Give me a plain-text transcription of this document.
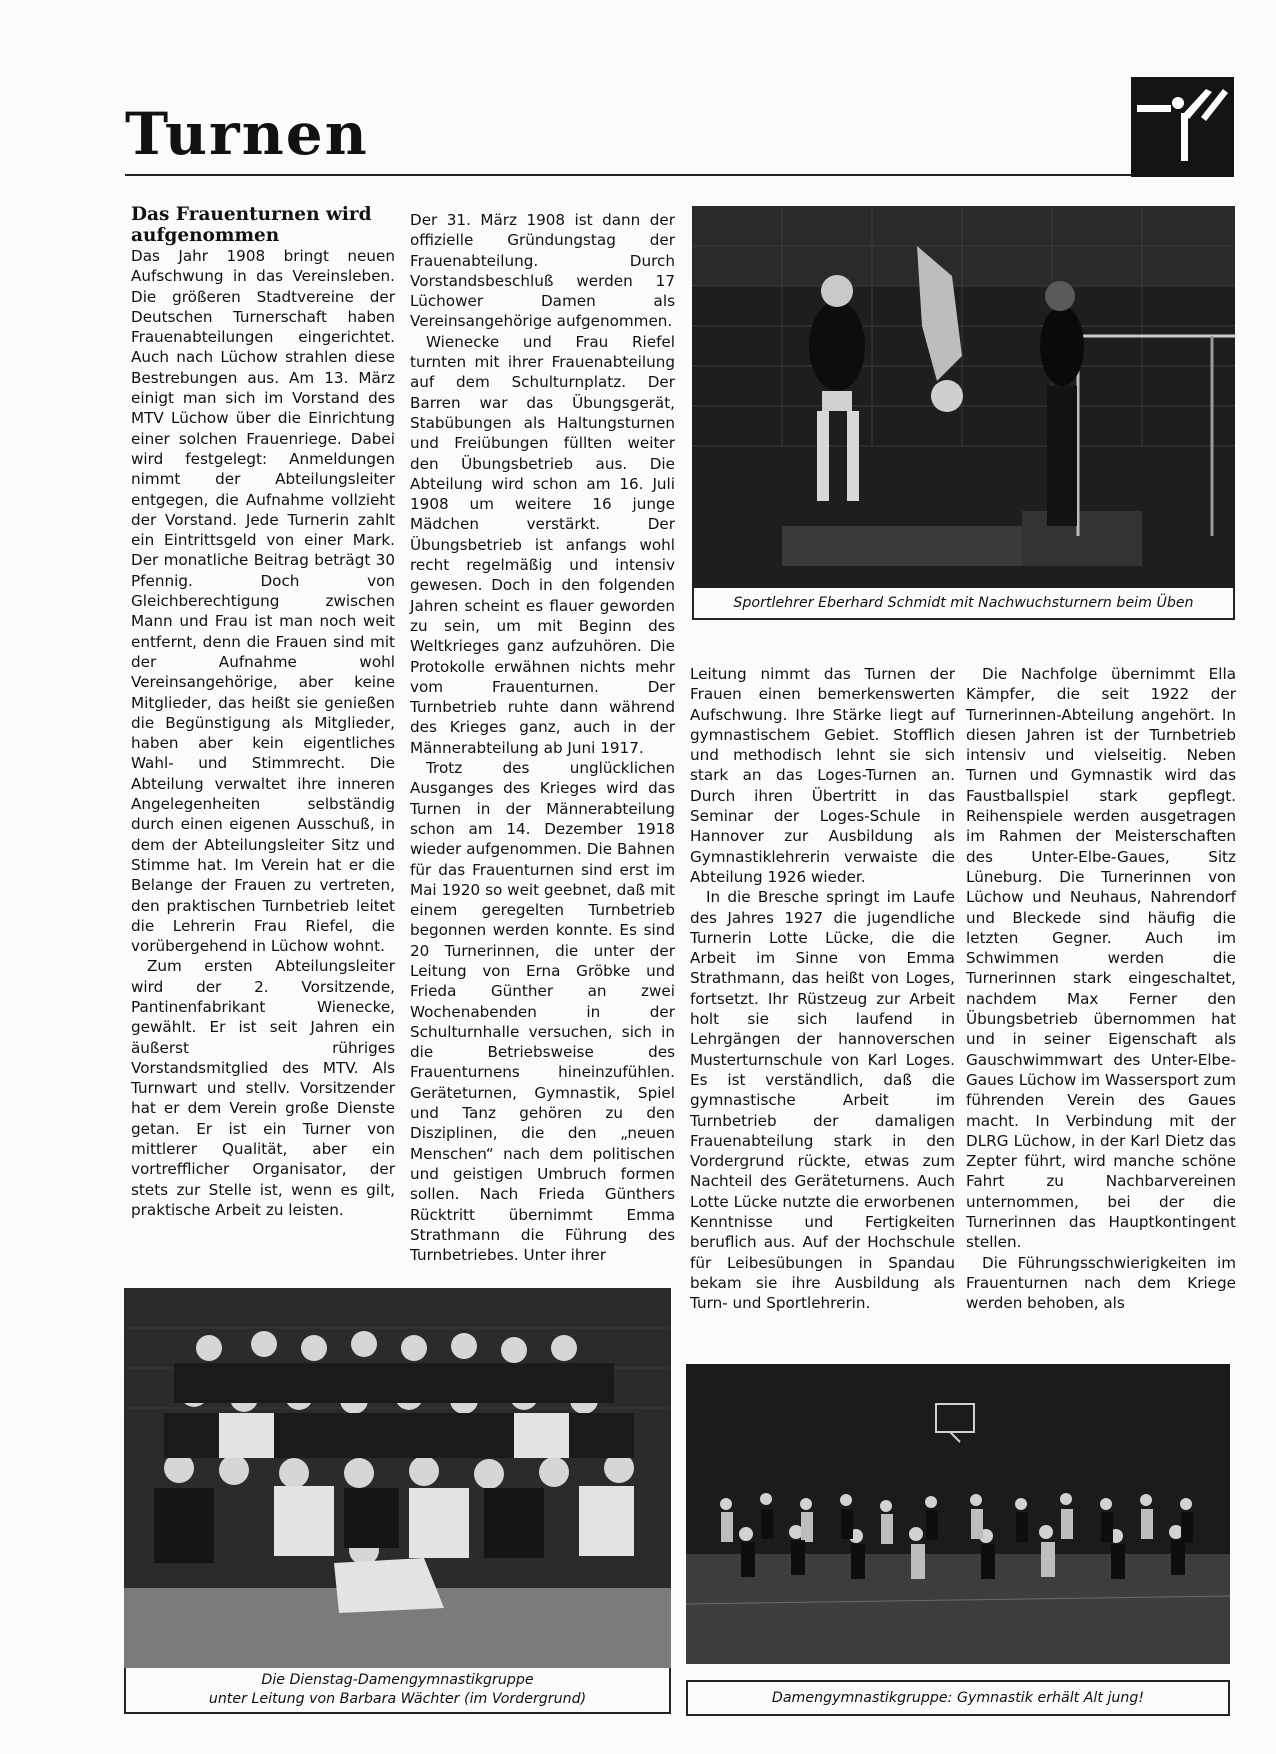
Turnen
Das Frauenturnen wird aufgenommen

Das Jahr 1908 bringt neuen Aufschwung in das Vereinsleben. Die größeren Stadtvereine der Deutschen Turnerschaft haben Frauenabteilungen eingerichtet. Auch nach Lüchow strahlen diese Bestrebungen aus. Am 13. März einigt man sich im Vorstand des MTV Lüchow über die Einrichtung einer solchen Frauenriege. Dabei wird festgelegt: Anmeldungen nimmt der Abteilungsleiter entgegen, die Aufnahme vollzieht der Vorstand. Jede Turnerin zahlt ein Eintrittsgeld von einer Mark. Der monatliche Beitrag beträgt 30 Pfennig. Doch von Gleichberechtigung zwischen Mann und Frau ist man noch weit entfernt, denn die Frauen sind mit der Aufnahme wohl Vereinsangehörige, aber keine Mitglieder, das heißt sie genießen die Begünstigung als Mitglieder, haben aber kein eigentliches Wahl- und Stimmrecht. Die Abteilung verwaltet ihre inneren Angelegenheiten selbständig durch einen eigenen Ausschuß, in dem der Abteilungsleiter Sitz und Stimme hat. Im Verein hat er die Belange der Frauen zu vertreten, den praktischen Turnbetrieb leitet die Lehrerin Frau Riefel, die vorübergehend in Lüchow wohnt.

Zum ersten Abteilungsleiter wird der 2. Vorsitzende, Pantinenfabrikant Wienecke, gewählt. Er ist seit Jahren ein äußerst rühriges Vorstandsmitglied des MTV. Als Turnwart und stellv. Vorsitzender hat er dem Verein große Dienste getan. Er ist ein Turner von mittlerer Qualität, aber ein vortrefflicher Organisator, der stets zur Stelle ist, wenn es gilt, praktische Arbeit zu leisten.

Der 31. März 1908 ist dann der offizielle Gründungstag der Frauenabteilung. Durch Vorstandsbeschluß werden 17 Lüchower Damen als Vereinsangehörige aufgenommen.

Wienecke und Frau Riefel turnten mit ihrer Frauenabteilung auf dem Schulturnplatz. Der Barren war das Übungsgerät, Stabübungen als Haltungsturnen und Freiübungen füllten weiter den Übungsbetrieb aus. Die Abteilung wird schon am 16. Juli 1908 um weitere 16 junge Mädchen verstärkt. Der Übungsbetrieb ist anfangs wohl recht regelmäßig und intensiv gewesen. Doch in den folgenden Jahren scheint es flauer geworden zu sein, um mit Beginn des Weltkrieges ganz aufzuhören. Die Protokolle erwähnen nichts mehr vom Frauenturnen. Der Turnbetrieb ruhte dann während des Krieges ganz, auch in der Männerabteilung ab Juni 1917.

Trotz des unglücklichen Ausganges des Krieges wird das Turnen in der Männerabteilung schon am 14. Dezember 1918 wieder aufgenommen. Die Bahnen für das Frauenturnen sind erst im Mai 1920 so weit geebnet, daß mit einem geregelten Turnbetrieb begonnen werden konnte. Es sind 20 Turnerinnen, die unter der Leitung von Erna Gröbke und Frieda Günther an zwei Wochenabenden in der Schulturnhalle versuchen, sich in die Betriebsweise des Frauenturnens hineinzufühlen. Geräteturnen, Gymnastik, Spiel und Tanz gehören zu den Disziplinen, die den „neuen Menschen“ nach dem politischen und geistigen Umbruch formen sollen. Nach Frieda Günthers Rücktritt übernimmt Emma Strathmann die Führung des Turnbetriebes. Unter ihrer

Sportlehrer Eberhard Schmidt mit Nachwuchsturnern beim Üben

Leitung nimmt das Turnen der Frauen einen bemerkenswerten Aufschwung. Ihre Stärke liegt auf gymnastischem Gebiet. Stofflich und methodisch lehnt sie sich stark an das Loges-Turnen an. Durch ihren Übertritt in das Seminar der Loges-Schule in Hannover zur Ausbildung als Gymnastiklehrerin verwaiste die Abteilung 1926 wieder.

In die Bresche springt im Laufe des Jahres 1927 die jugendliche Turnerin Lotte Lücke, die die Arbeit im Sinne von Emma Strathmann, das heißt von Loges, fortsetzt. Ihr Rüstzeug zur Arbeit holt sie sich laufend in Lehrgängen der hannoverschen Musterturnschule von Karl Loges. Es ist verständlich, daß die gymnastische Arbeit im Turnbetrieb der damaligen Frauenabteilung stark in den Vordergrund rückte, etwas zum Nachteil des Geräteturnens. Auch Lotte Lücke nutzte die erworbenen Kenntnisse und Fertigkeiten beruflich aus. Auf der Hochschule für Leibesübungen in Spandau bekam sie ihre Ausbildung als Turn- und Sportlehrerin.

Die Nachfolge übernimmt Ella Kämpfer, die seit 1922 der Turnerinnen-Abteilung angehört. In diesen Jahren ist der Turnbetrieb intensiv und vielseitig. Neben Turnen und Gymnastik wird das Faustballspiel stark gepflegt. Reihenspiele werden ausgetragen im Rahmen der Meisterschaften des Unter-Elbe-Gaues, Sitz Lüneburg. Die Turnerinnen von Lüchow und Neuhaus, Nahrendorf und Bleckede sind häufig die letzten Gegner. Auch im Schwimmen werden die Turnerinnen stark eingeschaltet, nachdem Max Ferner den Übungsbetrieb übernommen hat und in seiner Eigenschaft als Gauschwimmwart des Unter-Elbe-Gaues Lüchow im Wassersport zum führenden Verein des Gaues macht. In Verbindung mit der DLRG Lüchow, in der Karl Dietz das Zepter führt, wird manche schöne Fahrt zu Nachbarvereinen unternommen, bei der die Turnerinnen das Hauptkontingent stellen.

Die Führungsschwierigkeiten im Frauenturnen nach dem Kriege werden behoben, als

Die Dienstag-Damengymnastikgruppe
unter Leitung von Barbara Wächter (im Vordergrund)	Damengymnastikgruppe: Gymnastik erhält Alt jung!
